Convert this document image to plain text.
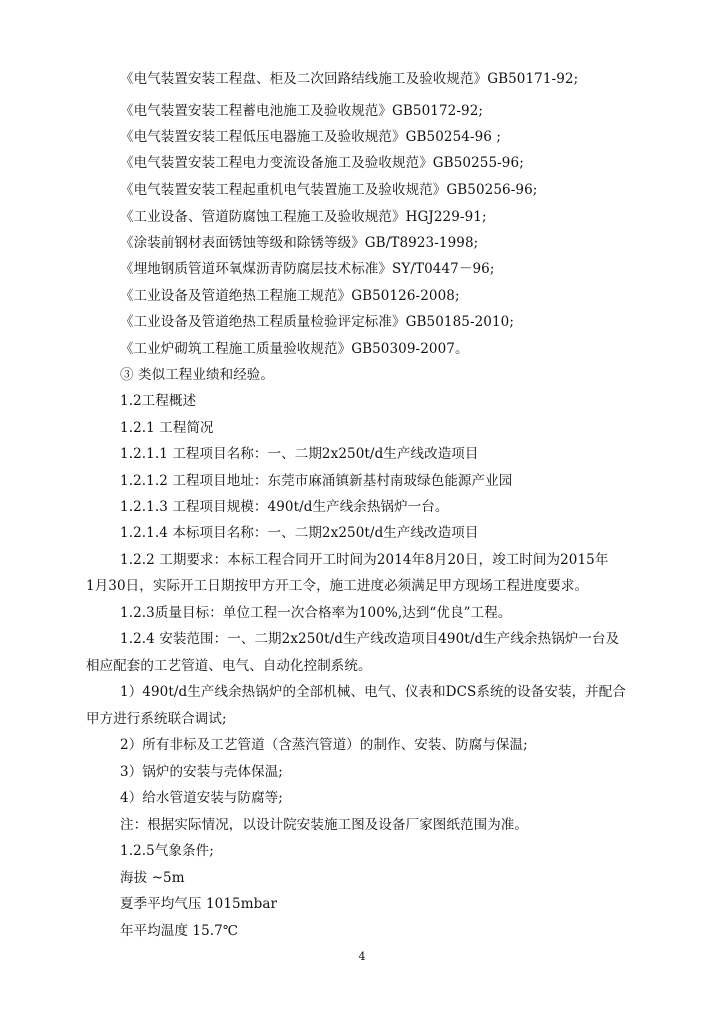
《电气装置安装工程盘、柜及二次回路结线施工及验收规范》GB50171-92;
《电气装置安装工程蓄电池施工及验收规范》GB50172-92;
《电气装置安装工程低压电器施工及验收规范》GB50254-96 ;
《电气装置安装工程电力变流设备施工及验收规范》GB50255-96;
《电气装置安装工程起重机电气装置施工及验收规范》GB50256-96;
《工业设备、管道防腐蚀工程施工及验收规范》HGJ229-91;
《涂装前钢材表面锈蚀等级和除锈等级》GB/T8923-1998;
《埋地钢质管道环氧煤沥青防腐层技术标准》SY/T0447－96;
《工业设备及管道绝热工程施工规范》GB50126-2008;
《工业设备及管道绝热工程质量检验评定标准》GB50185-2010;
《工业炉砌筑工程施工质量验收规范》GB50309-2007。
③ 类似工程业绩和经验。
1.2工程概述
1.2.1 工程简况
1.2.1.1 工程项目名称：一、二期2x250t/d生产线改造项目
1.2.1.2 工程项目地址：东莞市麻涌镇新基村南玻绿色能源产业园
1.2.1.3 工程项目规模：490t/d生产线余热锅炉一台。
1.2.1.4 本标项目名称：一、二期2x250t/d生产线改造项目
1.2.2 工期要求：本标工程合同开工时间为2014年8月20日，竣工时间为2015年
1月30日，实际开工日期按甲方开工令，施工进度必须满足甲方现场工程进度要求。
1.2.3质量目标：单位工程一次合格率为100%,达到“优良”工程。
1.2.4 安装范围：一、二期2x250t/d生产线改造项目490t/d生产线余热锅炉一台及
相应配套的工艺管道、电气、自动化控制系统。
1）490t/d生产线余热锅炉的全部机械、电气、仪表和DCS系统的设备安装，并配合
甲方进行系统联合调试;
2）所有非标及工艺管道（含蒸汽管道）的制作、安装、防腐与保温;
3）锅炉的安装与壳体保温;
4）给水管道安装与防腐等;
注：根据实际情况，以设计院安装施工图及设备厂家图纸范围为准。
1.2.5气象条件;
海拔 ~5m
夏季平均气压 1015mbar
年平均温度 15.7℃
4
